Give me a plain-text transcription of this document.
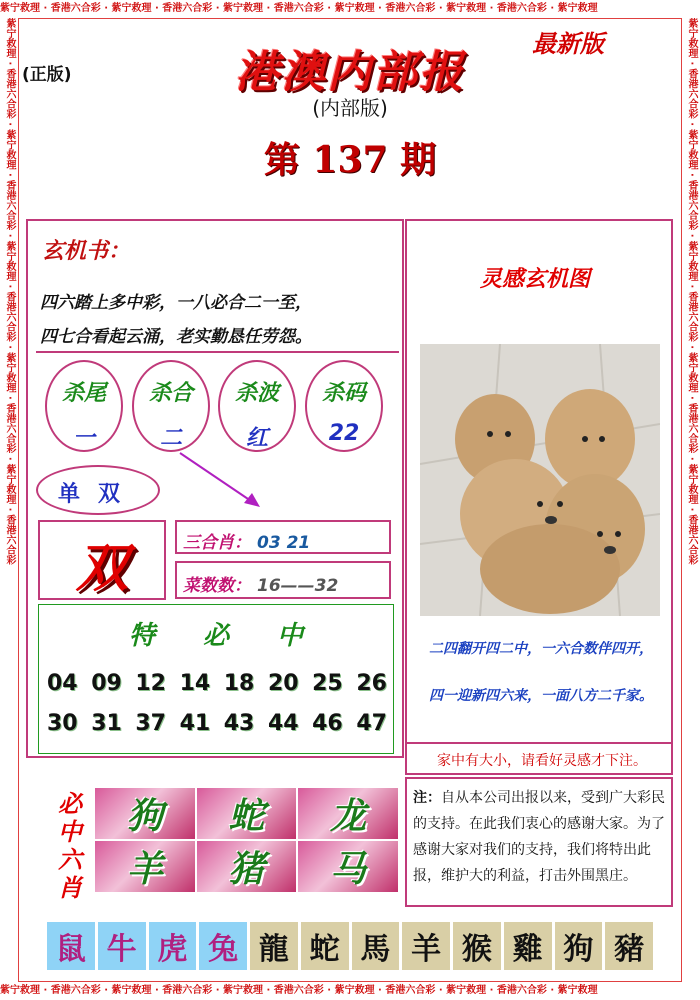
紫宁救理 · 香港六合彩 · 紫宁救理 · 香港六合彩 · 紫宁救理 · 香港六合彩 · 紫宁救理 · 香港六合彩 · 紫宁救理 · 香港六合彩 · 紫宁救理
紫宁救理 · 香港六合彩 · 紫宁救理 · 香港六合彩 · 紫宁救理 · 香港六合彩 · 紫宁救理 · 香港六合彩 · 紫宁救理 · 香港六合彩 · 紫宁救理
紫宁救理 · 香港六合彩 · 紫宁救理 · 香港六合彩 · 紫宁救理 · 香港六合彩 · 紫宁救理 · 香港六合彩 · 紫宁救理 · 香港六合彩	紫宁救理 · 香港六合彩 · 紫宁救理 · 香港六合彩 · 紫宁救理 · 香港六合彩 · 紫宁救理 · 香港六合彩 · 紫宁救理 · 香港六合彩
(正版)
最新版
港澳内部报
(内部版)
第 137 期
玄机书：
四六踏上多中彩，一八必合二一至，
四七合看起云涌，老实勤恳任劳怨。
杀尾
一
杀合
二
杀波
红
杀码
22
单双
双	三合肖： 03 21
菜数数： 16——32
特 必 中
04 09 12 14 18 20 25 26
30 31 37 41 43 44 46 47
必中六肖
狗	蛇	龙
羊	猪	马
灵感玄机图
二四翻开四二中，一六合数伴四开，
四一迎新四六来，一面八方二千家。
家中有大小，请看好灵感才下注。
注：自从本公司出报以来，受到广大彩民的支持。在此我们衷心的感谢大家。为了感谢大家对我们的支持，我们将特出此报，维护大的利益，打击外围黑庄。
鼠 牛 虎 兔 龍 蛇 馬 羊 猴 雞 狗 豬
